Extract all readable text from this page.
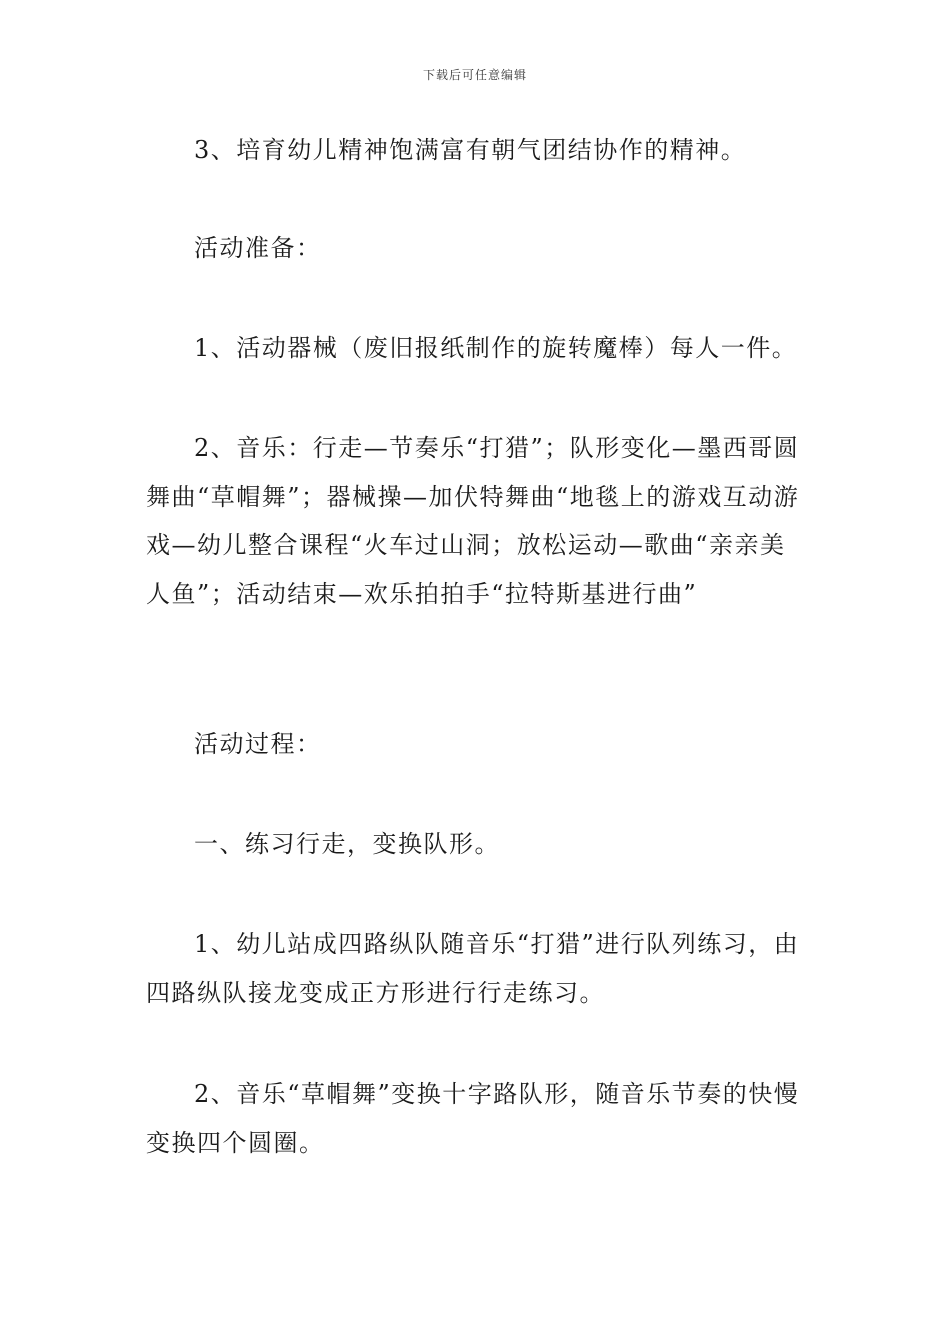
下载后可任意编辑

3、培育幼儿精神饱满富有朝气团结协作的精神。

活动准备：

1、活动器械（废旧报纸制作的旋转魔棒）每人一件。

2、音乐：行走—节奏乐“打猎”；队形变化—墨西哥圆舞曲“草帽舞”；器械操—加伏特舞曲“地毯上的游戏互动游戏—幼儿整合课程“火车过山洞；放松运动—歌曲“亲亲美人鱼”；活动结束—欢乐拍拍手“拉特斯基进行曲”

活动过程：

一、练习行走，变换队形。

1、幼儿站成四路纵队随音乐“打猎”进行队列练习，由四路纵队接龙变成正方形进行行走练习。

2、音乐“草帽舞”变换十字路队形，随音乐节奏的快慢变换四个圆圈。
